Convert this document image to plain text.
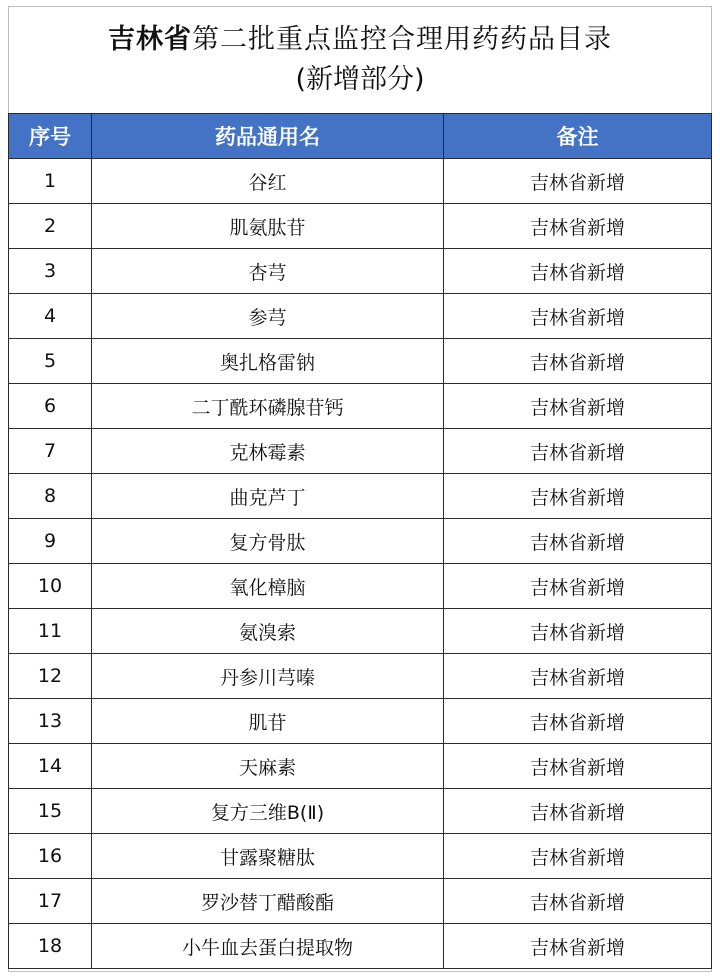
吉林省第二批重点监控合理用药药品目录
(新增部分)
序号	药品通用名	备注
1	谷红	吉林省新增
2	肌氨肽苷	吉林省新增
3	杏芎	吉林省新增
4	参芎	吉林省新增
5	奥扎格雷钠	吉林省新增
6	二丁酰环磷腺苷钙	吉林省新增
7	克林霉素	吉林省新增
8	曲克芦丁	吉林省新增
9	复方骨肽	吉林省新增
10	氧化樟脑	吉林省新增
11	氨溴索	吉林省新增
12	丹参川芎嗪	吉林省新增
13	肌苷	吉林省新增
14	天麻素	吉林省新增
15	复方三维B(Ⅱ)	吉林省新增
16	甘露聚糖肽	吉林省新增
17	罗沙替丁醋酸酯	吉林省新增
18	小牛血去蛋白提取物	吉林省新增
